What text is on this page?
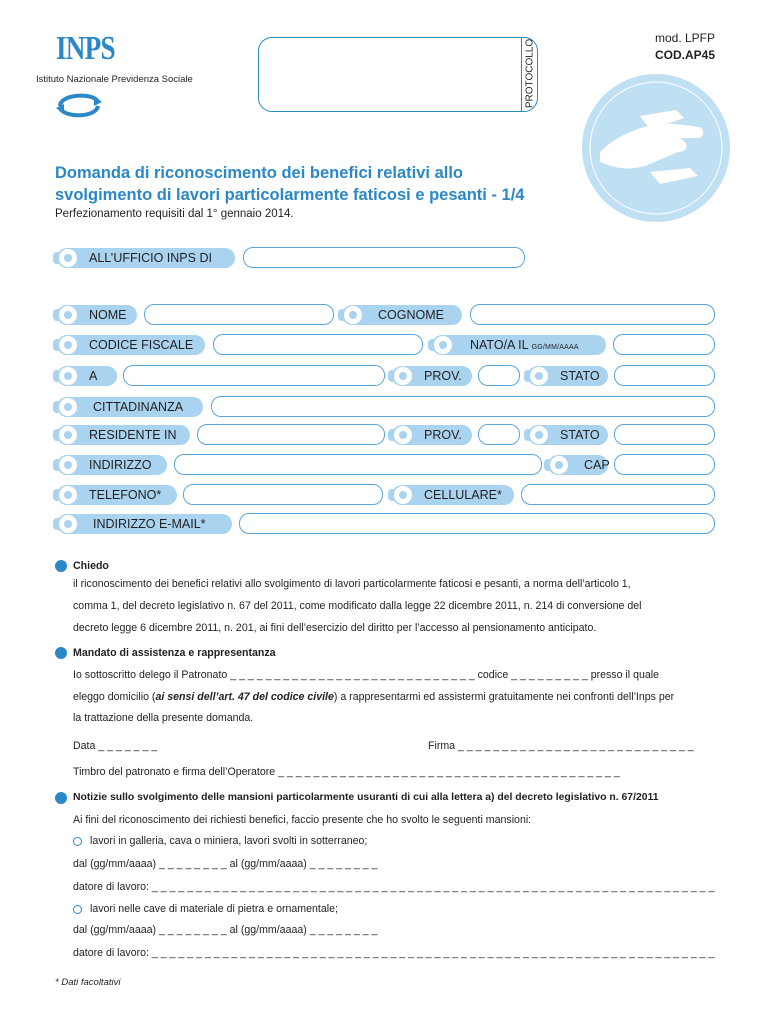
INPS
Istituto Nazionale Previdenza Sociale	PROTOCOLLO
mod. LPFP
COD.AP45
Domanda di riconoscimento dei benefici relativi allo
svolgimento di lavori particolarmente faticosi e pesanti - 1/4
Perfezionamento requisiti dal 1° gennaio 2014.
ALL’UFFICIO INPS DI
NOME	COGNOME
CODICE FISCALE	NATO/A IL GG/MM/AAAA
A	PROV.	STATO
CITTADINANZA
RESIDENTE IN	PROV.	STATO
INDIRIZZO	CAP
TELEFONO*	CELLULARE*
INDIRIZZO E-MAIL*
Chiedo
il riconoscimento dei benefici relativi allo svolgimento di lavori particolarmente faticosi e pesanti, a norma dell’articolo 1,
comma 1, del decreto legislativo n. 67 del 2011, come modificato dalla legge 22 dicembre 2011, n. 214 di conversione del
decreto legge 6 dicembre 2011, n. 201, ai fini dell’esercizio del diritto per l’accesso al pensionamento anticipato.
Mandato di assistenza e rappresentanza
Io sottoscritto delego il Patronato _ _ _ _ _ _ _ _ _ _ _ _ _ _ _ _ _ _ _ _ _ _ _ _ _ _ _ _ codice _ _ _ _ _ _ _ _ _ presso il quale
eleggo domicilio (ai sensi dell’art. 47 del codice civile) a rappresentarmi ed assistermi gratuitamente nei confronti dell’Inps per
la trattazione della presente domanda.
Data _ _ _ _ _ _ _	Firma _ _ _ _ _ _ _ _ _ _ _ _ _ _ _ _ _ _ _ _ _ _ _ _ _ _ _
Timbro del patronato e firma dell’Operatore _ _ _ _ _ _ _ _ _ _ _ _ _ _ _ _ _ _ _ _ _ _ _ _ _ _ _ _ _ _ _ _ _ _ _ _ _ _ _
Notizie sullo svolgimento delle mansioni particolarmente usuranti di cui alla lettera a) del decreto legislativo n. 67/2011
Ai fini del riconoscimento dei richiesti benefici, faccio presente che ho svolto le seguenti mansioni:
lavori in galleria, cava o miniera, lavori svolti in sotterraneo;
dal (gg/mm/aaaa) _ _ _ _ _ _ _ _ al (gg/mm/aaaa) _ _ _ _ _ _ _ _
datore di lavoro: _ _ _ _ _ _ _ _ _ _ _ _ _ _ _ _ _ _ _ _ _ _ _ _ _ _ _ _ _ _ _ _ _ _ _ _ _ _ _ _ _ _ _ _ _ _ _ _ _ _ _ _ _ _ _ _ _ _ _ _ _ _ _ _
lavori nelle cave di materiale di pietra e ornamentale;
dal (gg/mm/aaaa) _ _ _ _ _ _ _ _ al (gg/mm/aaaa) _ _ _ _ _ _ _ _
datore di lavoro: _ _ _ _ _ _ _ _ _ _ _ _ _ _ _ _ _ _ _ _ _ _ _ _ _ _ _ _ _ _ _ _ _ _ _ _ _ _ _ _ _ _ _ _ _ _ _ _ _ _ _ _ _ _ _ _ _ _ _ _ _ _ _ _
* Dati facoltativi
